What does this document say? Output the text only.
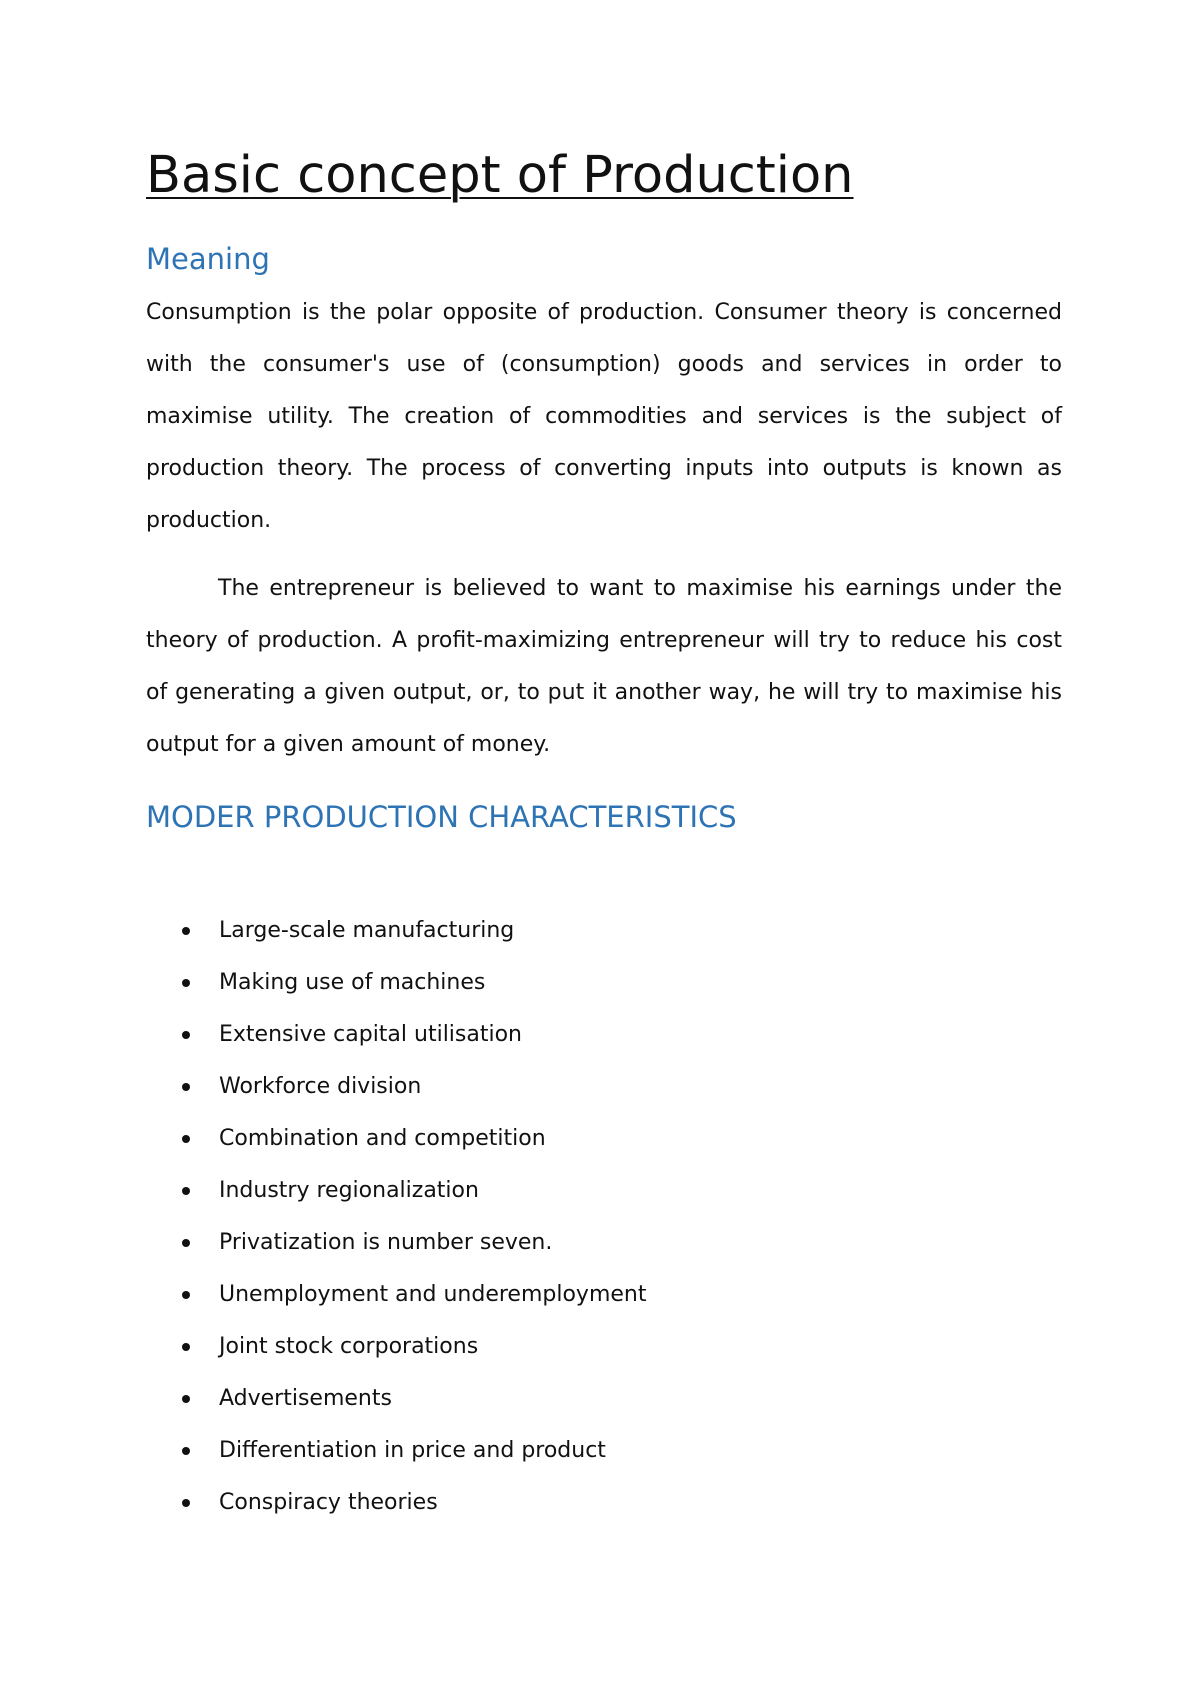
Basic concept of Production
Meaning

Consumption is the polar opposite of production. Consumer theory is concerned with the consumer's use of (consumption) goods and services in order to maximise utility. The creation of commodities and services is the subject of production theory. The process of converting inputs into outputs is known as production.

The entrepreneur is believed to want to maximise his earnings under the theory of production. A profit-maximizing entrepreneur will try to reduce his cost of generating a given output, or, to put it another way, he will try to maximise his output for a given amount of money.

MODER PRODUCTION CHARACTERISTICS
Large-scale manufacturing
Making use of machines
Extensive capital utilisation
Workforce division
Combination and competition
Industry regionalization
Privatization is number seven.
Unemployment and underemployment
Joint stock corporations
Advertisements
Differentiation in price and product
Conspiracy theories
